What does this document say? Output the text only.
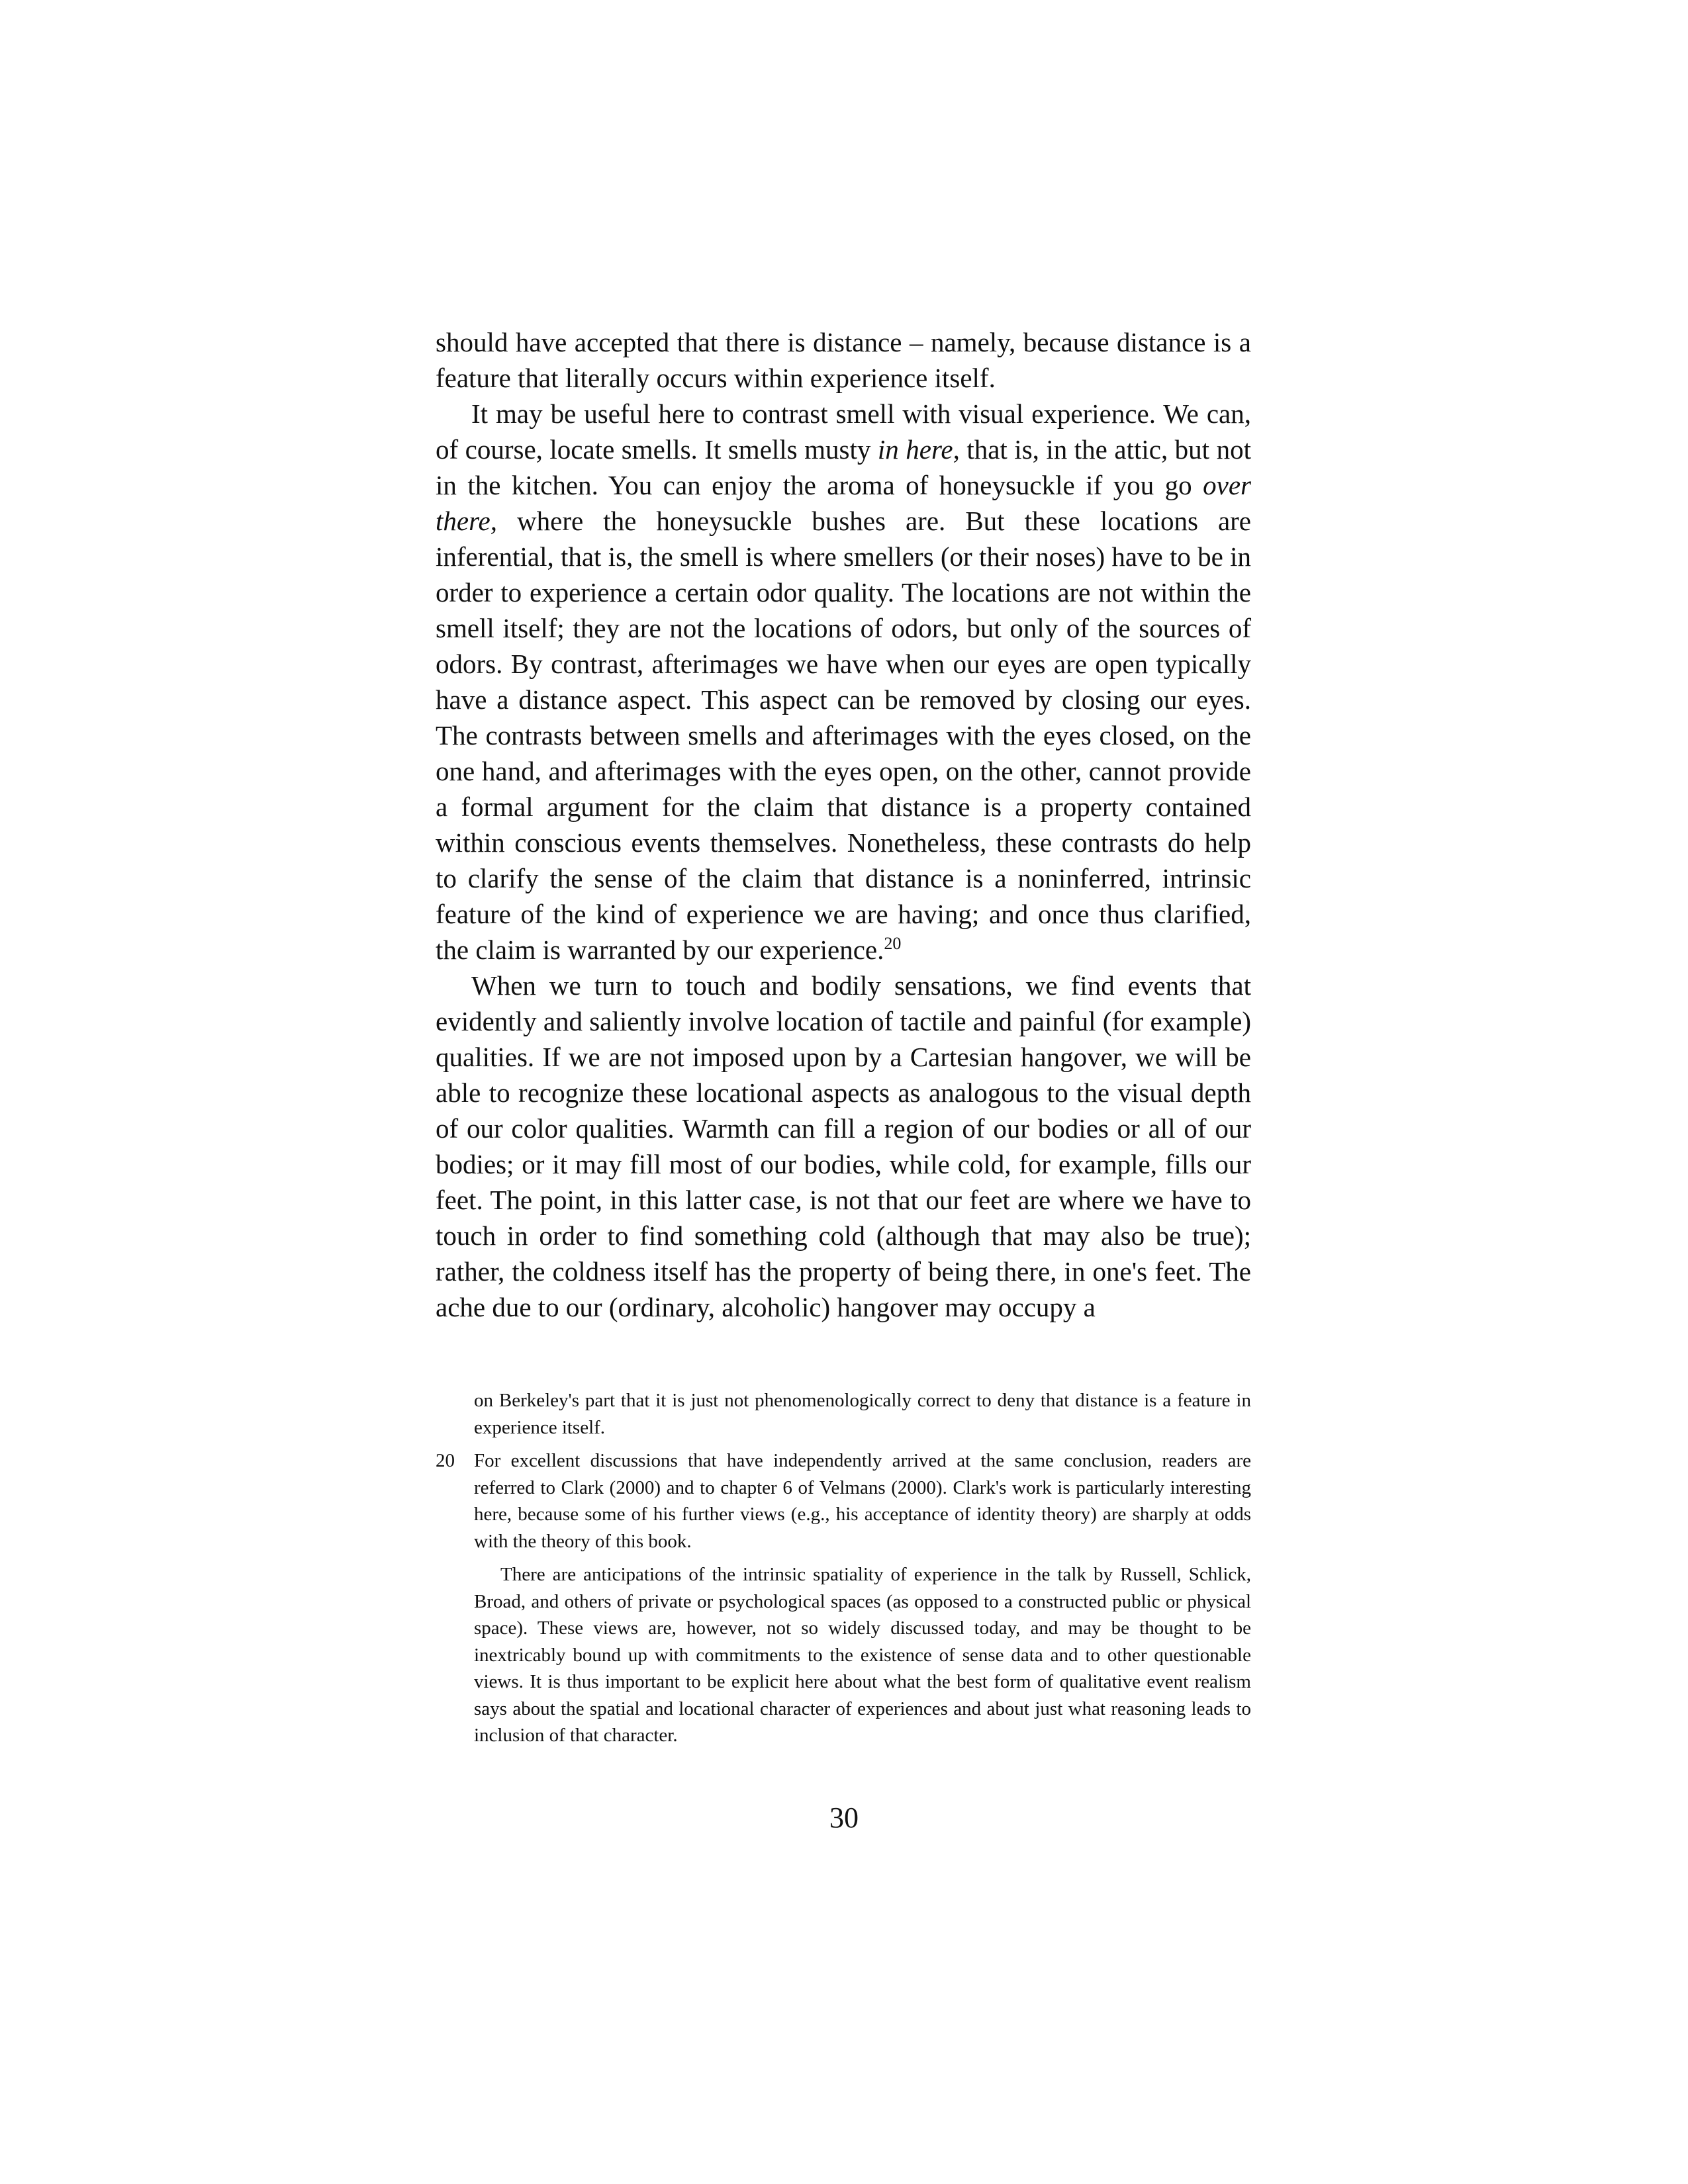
should have accepted that there is distance – namely, because distance is a feature that literally occurs within experience itself.

It may be useful here to contrast smell with visual experience. We can, of course, locate smells. It smells musty in here, that is, in the attic, but not in the kitchen. You can enjoy the aroma of honeysuckle if you go over there, where the honeysuckle bushes are. But these locations are inferential, that is, the smell is where smellers (or their noses) have to be in order to experience a certain odor quality. The locations are not within the smell itself; they are not the locations of odors, but only of the sources of odors. By contrast, afterimages we have when our eyes are open typically have a distance aspect. This aspect can be removed by closing our eyes. The contrasts between smells and afterimages with the eyes closed, on the one hand, and afterimages with the eyes open, on the other, cannot provide a formal argument for the claim that distance is a property contained within conscious events themselves. Nonetheless, these contrasts do help to clarify the sense of the claim that distance is a noninferred, intrinsic feature of the kind of experience we are having; and once thus clarified, the claim is warranted by our experience.$^{20}$

When we turn to touch and bodily sensations, we find events that evidently and saliently involve location of tactile and painful (for example) qualities. If we are not imposed upon by a Cartesian hangover, we will be able to recognize these locational aspects as analogous to the visual depth of our color qualities. Warmth can fill a region of our bodies or all of our bodies; or it may fill most of our bodies, while cold, for example, fills our feet. The point, in this latter case, is not that our feet are where we have to touch in order to find something cold (although that may also be true); rather, the coldness itself has the property of being there, in one's feet. The ache due to our (ordinary, alcoholic) hangover may occupy a

on Berkeley's part that it is just not phenomenologically correct to deny that distance is a feature in experience itself.

20	For excellent discussions that have independently arrived at the same conclusion, readers are referred to Clark (2000) and to chapter 6 of Velmans (2000). Clark's work is particularly interesting here, because some of his further views (e.g., his acceptance of identity theory) are sharply at odds with the theory of this book.

There are anticipations of the intrinsic spatiality of experience in the talk by Russell, Schlick, Broad, and others of private or psychological spaces (as opposed to a constructed public or physical space). These views are, however, not so widely discussed today, and may be thought to be inextricably bound up with commitments to the existence of sense data and to other questionable views. It is thus important to be explicit here about what the best form of qualitative event realism says about the spatial and locational character of experiences and about just what reasoning leads to inclusion of that character.

30
